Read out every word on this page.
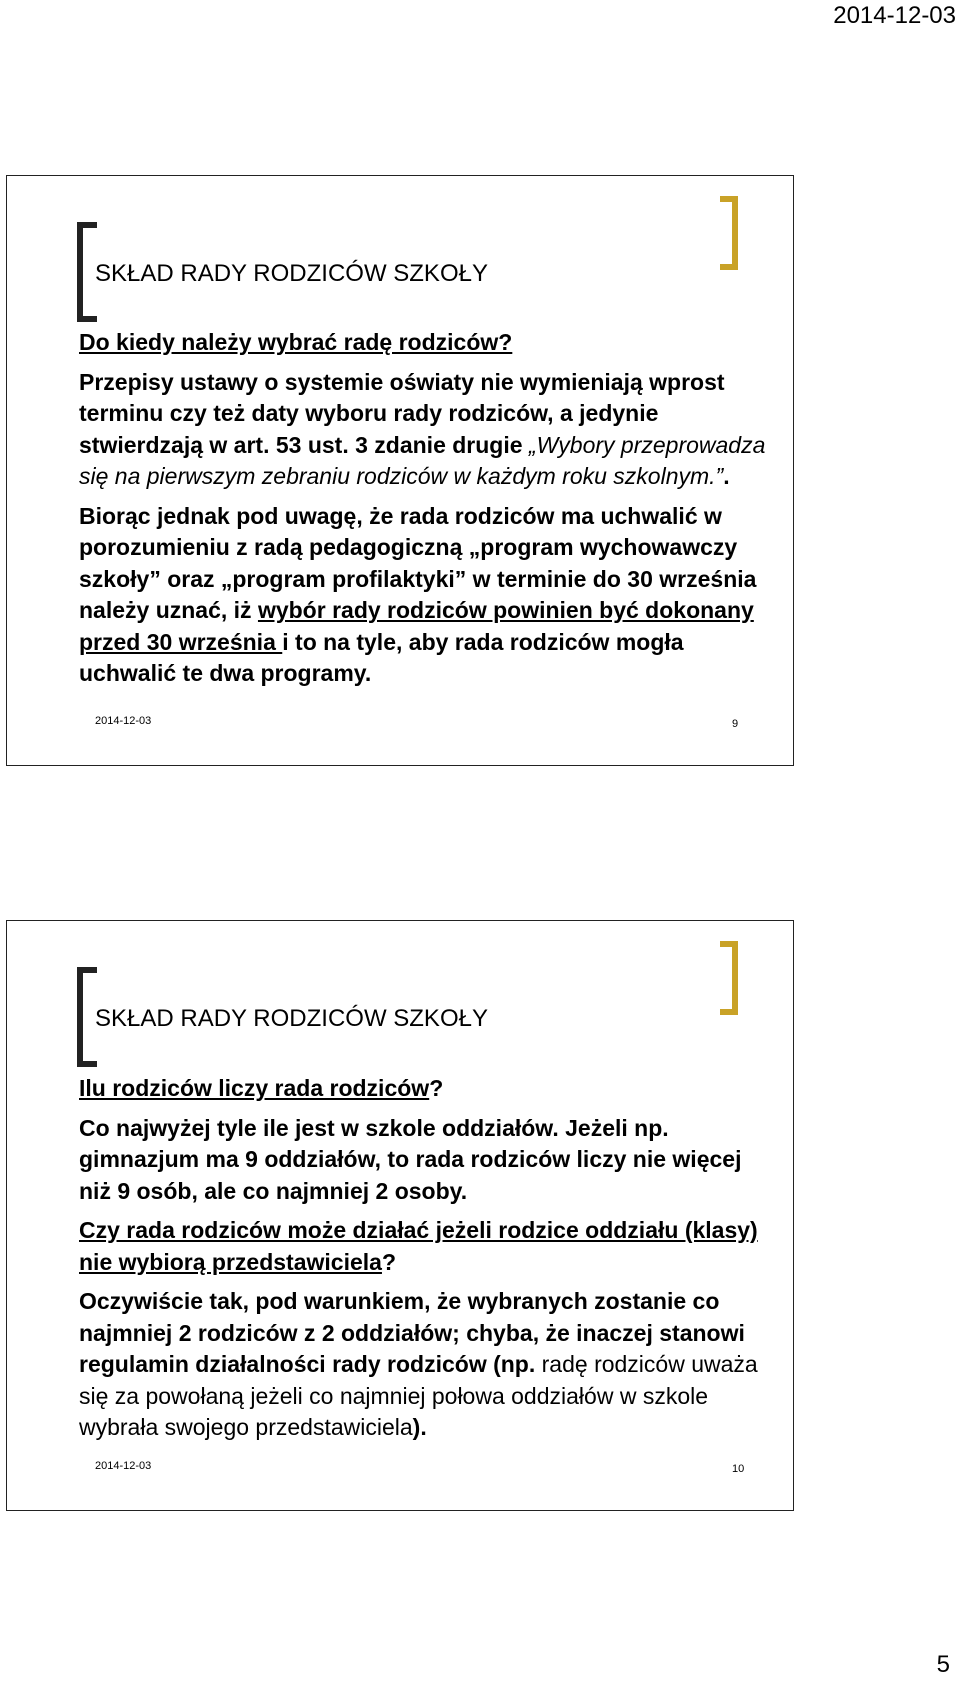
2014-12-03
SKŁAD RADY RODZICÓW SZKOŁY

Do kiedy należy wybrać radę rodziców?

Przepisy ustawy o systemie oświaty nie wymieniają wprost terminu czy też daty wyboru rady rodziców, a jedynie stwierdzają w art. 53 ust. 3 zdanie drugie „Wybory przeprowadza się na pierwszym zebraniu rodziców w każdym roku szkolnym.”.

Biorąc jednak pod uwagę, że rada rodziców ma uchwalić w porozumieniu z radą pedagogiczną „program wychowawczy szkoły” oraz „program profilaktyki” w terminie do 30 września należy uznać, iż wybór rady rodziców powinien być dokonany przed 30 września i to na tyle, aby rada rodziców mogła uchwalić te dwa programy.

2014-12-03	9
SKŁAD RADY RODZICÓW SZKOŁY

Ilu rodziców liczy rada rodziców?

Co najwyżej tyle ile jest w szkole oddziałów. Jeżeli np. gimnazjum ma 9 oddziałów, to rada rodziców liczy nie więcej niż 9 osób, ale co najmniej 2 osoby.

Czy rada rodziców może działać jeżeli rodzice oddziału (klasy) nie wybiorą przedstawiciela?

Oczywiście tak, pod warunkiem, że wybranych zostanie co najmniej 2 rodziców z 2 oddziałów; chyba, że inaczej stanowi regulamin działalności rady rodziców (np. radę rodziców uważa się za powołaną jeżeli co najmniej połowa oddziałów w szkole wybrała swojego przedstawiciela).

2014-12-03	10
5
